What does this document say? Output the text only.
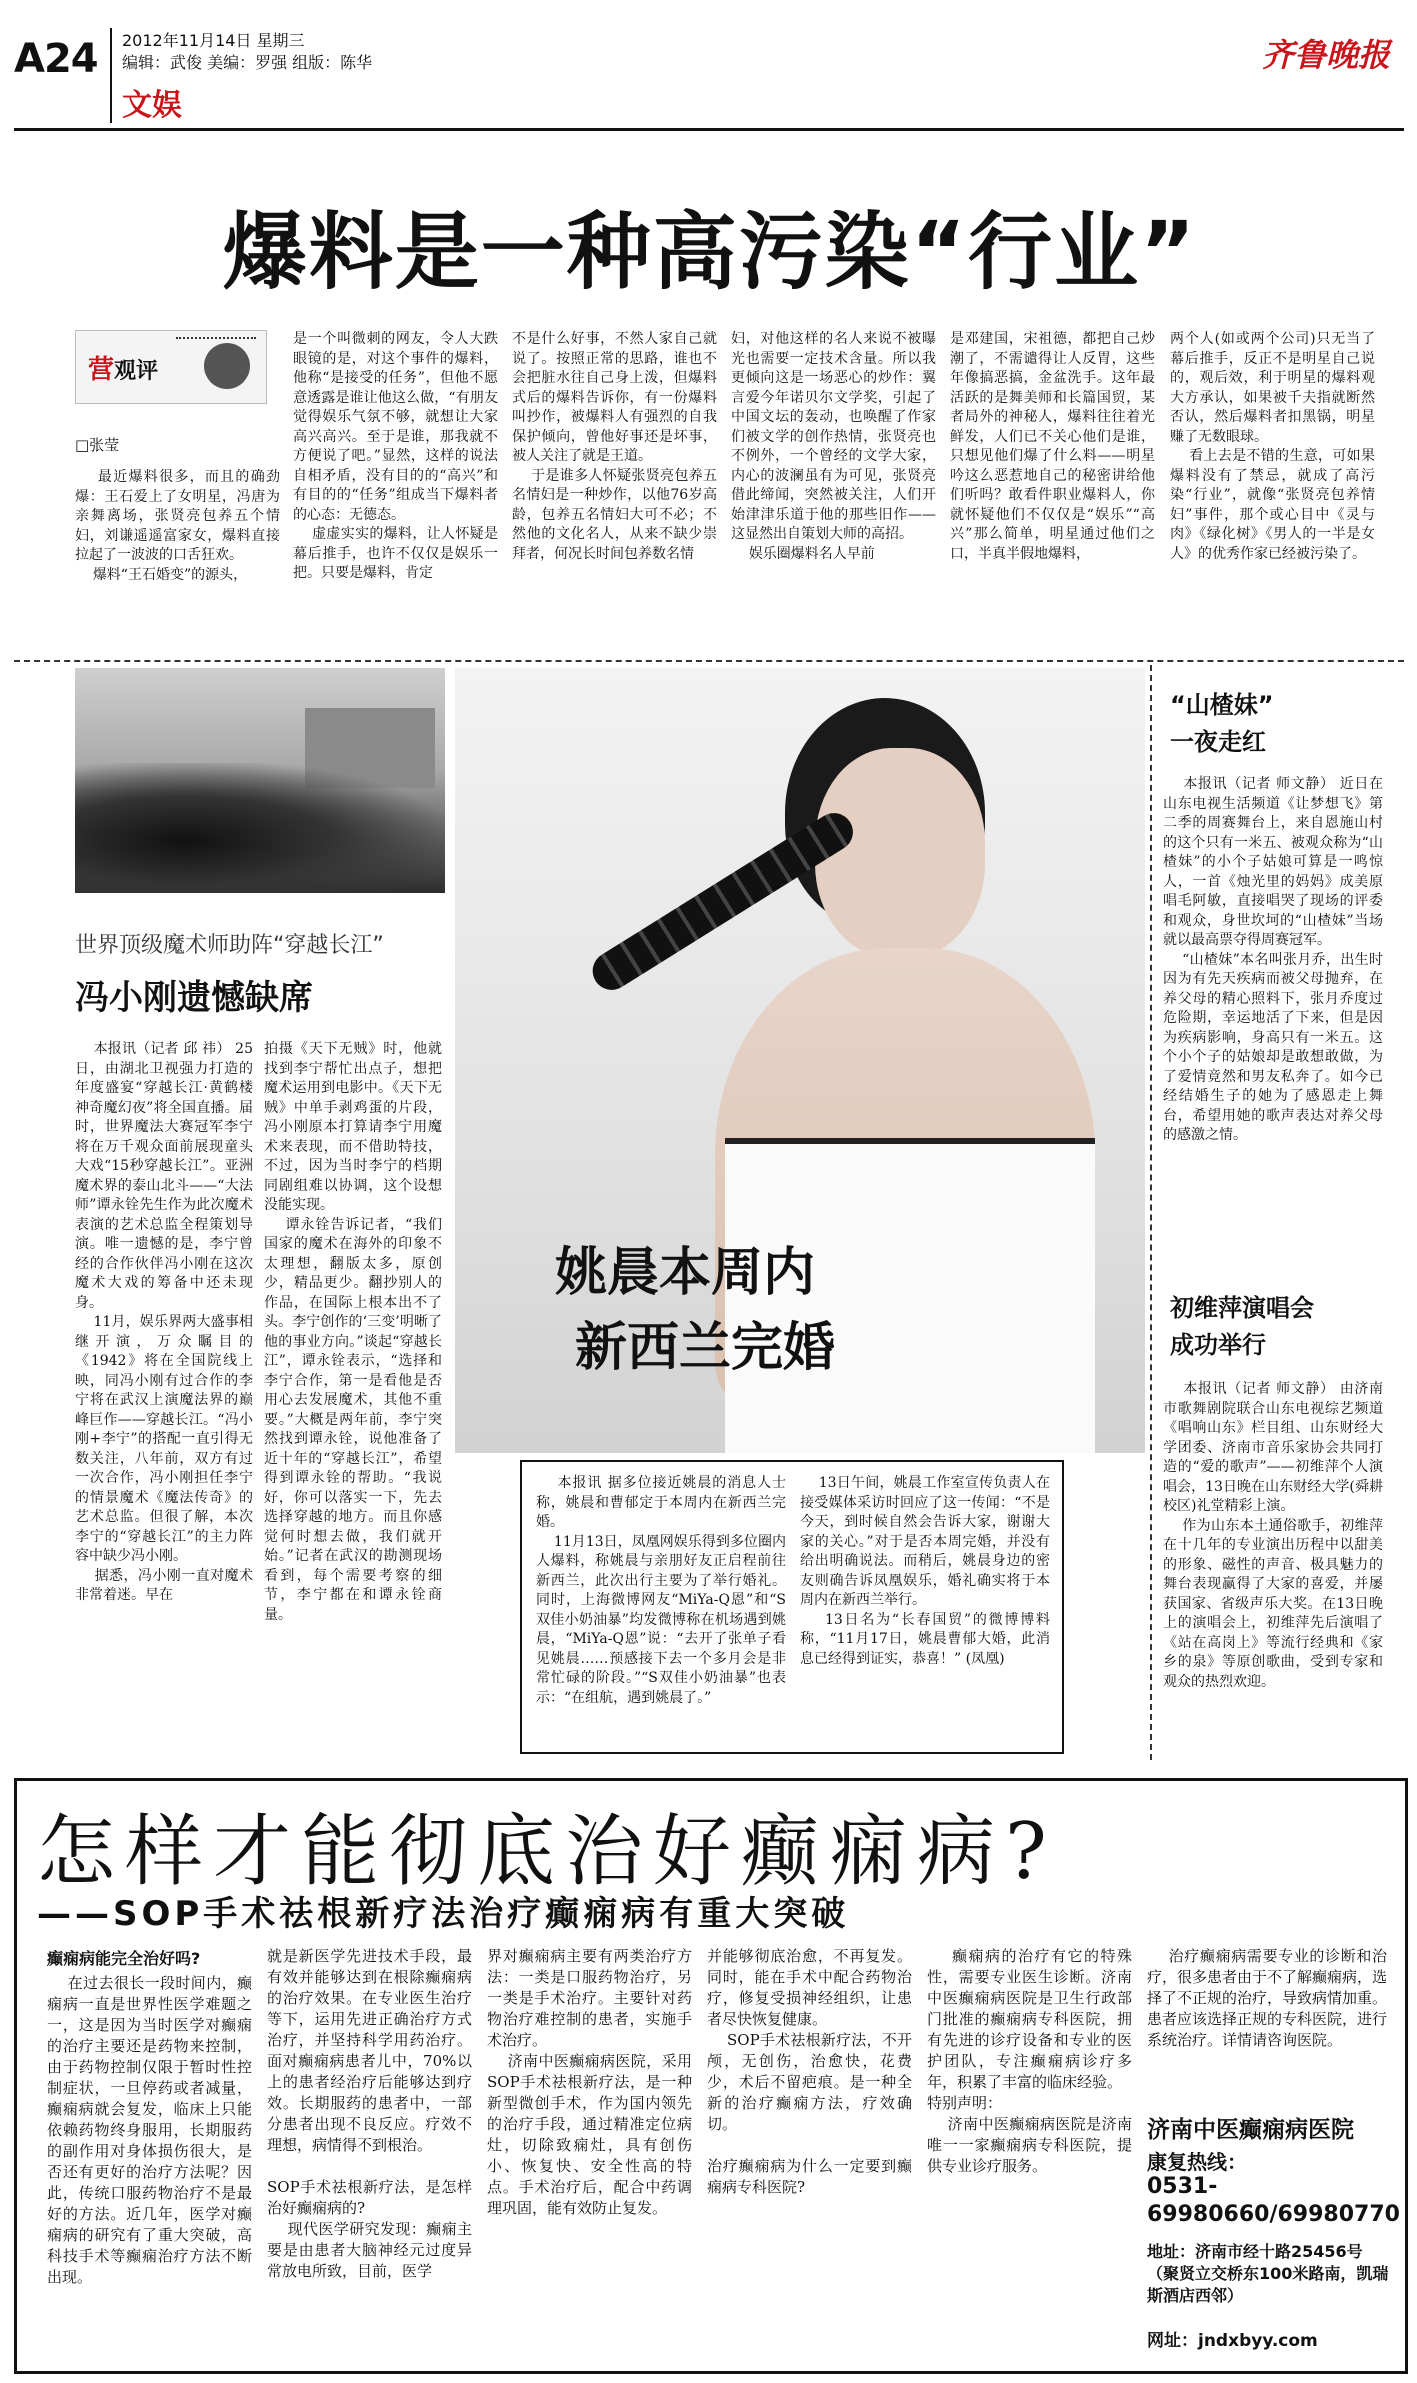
A24 2012年11月14日 星期三
编辑：武俊 美编：罗强 组版：陈华
文娱
齐鲁晚报
爆料是一种高污染“行业”
营观评
□张莹

最近爆料很多，而且的确劲爆：王石爱上了女明星，冯唐为亲舞离场，张贤亮包养五个情妇，刘谦遥遥富家女，爆料直接拉起了一波波的口舌狂欢。
爆料“王石婚变”的源头，

是一个叫微刺的网友，令人大跌眼镜的是，对这个事件的爆料，他称“是接受的任务”，但他不愿意透露是谁让他这么做，“有朋友觉得娱乐气氛不够，就想让大家高兴高兴。至于是谁，那我就不方便说了吧。”显然，这样的说法自相矛盾，没有目的的“高兴”和有目的的“任务”组成当下爆料者的心态：无德态。
虚虚实实的爆料，让人怀疑是幕后推手，也许不仅仅是娱乐一把。只要是爆料，肯定

不是什么好事，不然人家自己就说了。按照正常的思路，谁也不会把脏水往自己身上泼，但爆料式后的爆料告诉你，有一份爆料叫抄作，被爆料人有强烈的自我保护倾向，曾他好事还是坏事，被人关注了就是王道。
于是谁多人怀疑张贤亮包养五名情妇是一种炒作，以他76岁高龄，包养五名情妇大可不必；不然他的文化名人，从来不缺少崇拜者，何况长时间包养数名情

妇，对他这样的名人来说不被曝光也需要一定技术含量。所以我更倾向这是一场恶心的炒作：翼言爱今年诺贝尔文学奖，引起了中国文坛的轰动，也唤醒了作家们被文学的创作热情，张贤亮也不例外，一个曾经的文学大家，内心的波澜虽有为可见，张贤亮借此缔闻，突然被关注，人们开始津津乐道于他的那些旧作——这显然出自策划大师的高招。
娱乐圈爆料名人早前

是邓建国，宋祖德，都把自己炒潮了，不需谴得让人反胃，这些年像搞恶搞，金盆洗手。这年最活跃的是舞美师和长篇国贸，某者局外的神秘人，爆料往往着光鲜发，人们已不关心他们是谁，只想见他们爆了什么料——明星吟这么恶惹地自己的秘密讲给他们听吗？敢看件职业爆料人，你就怀疑他们不仅仅是“娱乐”“高兴”那么简单，明星通过他们之口，半真半假地爆料，

两个人(如或两个公司)只无当了幕后推手，反正不是明星自己说的，观后效，利于明星的爆料观大方承认，如果被千夫指就断然否认，然后爆料者扣黑锅，明星赚了无数眼球。
看上去是不错的生意，可如果爆料没有了禁忌，就成了高污染“行业”，就像“张贤亮包养情妇”事件，那个或心目中《灵与肉》《绿化树》《男人的一半是女人》的优秀作家已经被污染了。

世界顶级魔术师助阵“穿越长江”
冯小刚遗憾缺席

本报讯（记者 邱 祎） 25日，由湖北卫视强力打造的年度盛宴“穿越长江·黄鹤楼神奇魔幻夜”将全国直播。届时，世界魔法大赛冠军李宁将在万千观众面前展现童头大戏“15秒穿越长江”。亚洲魔术界的泰山北斗——“大法师”谭永铨先生作为此次魔术表演的艺术总监全程策划导演。唯一遗憾的是，李宁曾经的合作伙伴冯小刚在这次魔术大戏的筹备中还未现身。
11月，娱乐界两大盛事相继开演，万众瞩目的《1942》将在全国院线上映，同冯小刚有过合作的李宁将在武汉上演魔法界的巅峰巨作——穿越长江。“冯小刚+李宁”的搭配一直引得无数关注，八年前，双方有过一次合作，冯小刚担任李宁的情景魔术《魔法传奇》的艺术总监。但很了解，本次李宁的“穿越长江”的主力阵容中缺少冯小刚。
据悉，冯小刚一直对魔术非常着迷。早在

拍摄《天下无贼》时，他就找到李宁帮忙出点子，想把魔术运用到电影中。《天下无贼》中单手剥鸡蛋的片段，冯小刚原本打算请李宁用魔术来表现，而不借助特技，不过，因为当时李宁的档期同剧组难以协调，这个设想没能实现。
谭永铨告诉记者，“我们国家的魔术在海外的印象不太理想，翻版太多，原创少，精品更少。翻抄别人的作品，在国际上根本出不了头。李宁创作的‘三变’明晰了他的事业方向。”谈起“穿越长江”，谭永铨表示，“选择和李宁合作，第一是看他是否用心去发展魔术，其他不重要。”大概是两年前，李宁突然找到谭永铨，说他准备了近十年的“穿越长江”，希望得到谭永铨的帮助。“我说好，你可以落实一下，先去选择穿越的地方。而且你感觉何时想去做，我们就开始。”记者在武汉的勘测现场看到，每个需要考察的细节，李宁都在和谭永铨商量。

姚晨本周内
新西兰完婚

本报讯 据多位接近姚晨的消息人士称，姚晨和曹郁定于本周内在新西兰完婚。
11月13日，凤凰网娱乐得到多位圈内人爆料，称姚晨与亲朋好友正启程前往新西兰，此次出行主要为了举行婚礼。同时，上海微博网友“MiYa-Q恩”和“S双佳小奶油暴”均发微博称在机场遇到姚晨，“MiYa-Q恩”说：“去开了张单子看见姚晨……预感接下去一个多月会是非常忙碌的阶段。”“S双佳小奶油暴”也表示：“在组航，遇到姚晨了。”

13日午间，姚晨工作室宣传负责人在接受媒体采访时回应了这一传闻：“不是今天，到时候自然会告诉大家，谢谢大家的关心。”对于是否本周完婚，并没有给出明确说法。而稍后，姚晨身边的密友则确告诉凤凰娱乐，婚礼确实将于本周内在新西兰举行。
13日名为“长春国贸”的微博博料称，“11月17日，姚晨曹郁大婚，此消息已经得到证实，恭喜！” (凤凰)

“山楂妹”
一夜走红

本报讯（记者 师文静） 近日在山东电视生活频道《让梦想飞》第二季的周赛舞台上，来自恩施山村的这个只有一米五、被观众称为“山楂妹”的小个子姑娘可算是一鸣惊人，一首《烛光里的妈妈》成美原唱毛阿敏，直接唱哭了现场的评委和观众，身世坎坷的“山楂妹”当场就以最高票夺得周赛冠军。
“山楂妹”本名叫张月乔，出生时因为有先天疾病而被父母抛弃，在养父母的精心照料下，张月乔度过危险期，幸运地活了下来，但是因为疾病影响，身高只有一米五。这个小个子的姑娘却是敢想敢做，为了爱情竟然和男友私奔了。如今已经结婚生子的她为了感恩走上舞台，希望用她的歌声表达对养父母的感激之情。

初维萍演唱会
成功举行

本报讯（记者 师文静） 由济南市歌舞剧院联合山东电视综艺频道《唱响山东》栏目组、山东财经大学团委、济南市音乐家协会共同打造的“爱的歌声”——初维萍个人演唱会，13日晚在山东财经大学(舜耕校区)礼堂精彩上演。
作为山东本土通俗歌手，初维萍在十几年的专业演出历程中以甜美的形象、磁性的声音、极具魅力的舞台表现赢得了大家的喜爱，并屡获国家、省级声乐大奖。在13日晚上的演唱会上，初维萍先后演唱了《站在高岗上》等流行经典和《家乡的泉》等原创歌曲，受到专家和观众的热烈欢迎。

怎样才能彻底治好癫痫病?
——SOP手术祛根新疗法治疗癫痫病有重大突破
癫痫病能完全治好吗?

在过去很长一段时间内，癫痫病一直是世界性医学难题之一，这是因为当时医学对癫痫的治疗主要还是药物来控制，由于药物控制仅限于暂时性控制症状，一旦停药或者减量，癫痫病就会复发，临床上只能依赖药物终身服用，长期服药的副作用对身体损伤很大，是否还有更好的治疗方法呢？因此，传统口服药物治疗不是最好的方法。近几年，医学对癫痫病的研究有了重大突破，高科技手术等癫痫治疗方法不断出现。

就是新医学先进技术手段，最有效并能够达到在根除癫痫病的治疗效果。在专业医生治疗等下，运用先进正确治疗方式治疗，并坚持科学用药治疗。面对癫痫病患者儿中，70%以上的患者经治疗后能够达到疗效。长期服药的患者中，一部分患者出现不良反应。疗效不理想，病情得不到根治。

SOP手术祛根新疗法，是怎样治好癫痫病的?
现代医学研究发现：癫痫主要是由患者大脑神经元过度异常放电所致，目前，医学

界对癫痫病主要有两类治疗方法：一类是口服药物治疗，另一类是手术治疗。主要针对药物治疗难控制的患者，实施手术治疗。
济南中医癫痫病医院，采用SOP手术祛根新疗法，是一种新型微创手术，作为国内领先的治疗手段，通过精准定位病灶，切除致痫灶，具有创伤小、恢复快、安全性高的特点。手术治疗后，配合中药调理巩固，能有效防止复发。

并能够彻底治愈，不再复发。同时，能在手术中配合药物治疗，修复受损神经组织，让患者尽快恢复健康。
SOP手术祛根新疗法，不开颅，无创伤，治愈快，花费少，术后不留疤痕。是一种全新的治疗癫痫方法，疗效确切。

治疗癫痫病为什么一定要到癫痫病专科医院?

癫痫病的治疗有它的特殊性，需要专业医生诊断。济南中医癫痫病医院是卫生行政部门批准的癫痫病专科医院，拥有先进的诊疗设备和专业的医护团队，专注癫痫病诊疗多年，积累了丰富的临床经验。
特别声明：
济南中医癫痫病医院是济南唯一一家癫痫病专科医院，提供专业诊疗服务。

治疗癫痫病需要专业的诊断和治疗，很多患者由于不了解癫痫病，选择了不正规的治疗，导致病情加重。患者应该选择正规的专科医院，进行系统治疗。详情请咨询医院。

济南中医癫痫病医院
康复热线：
0531-69980660/69980770
地址：济南市经十路25456号（聚贤立交桥东100米路南，凯瑞斯酒店西邻）
网址：jndxbyy.com
